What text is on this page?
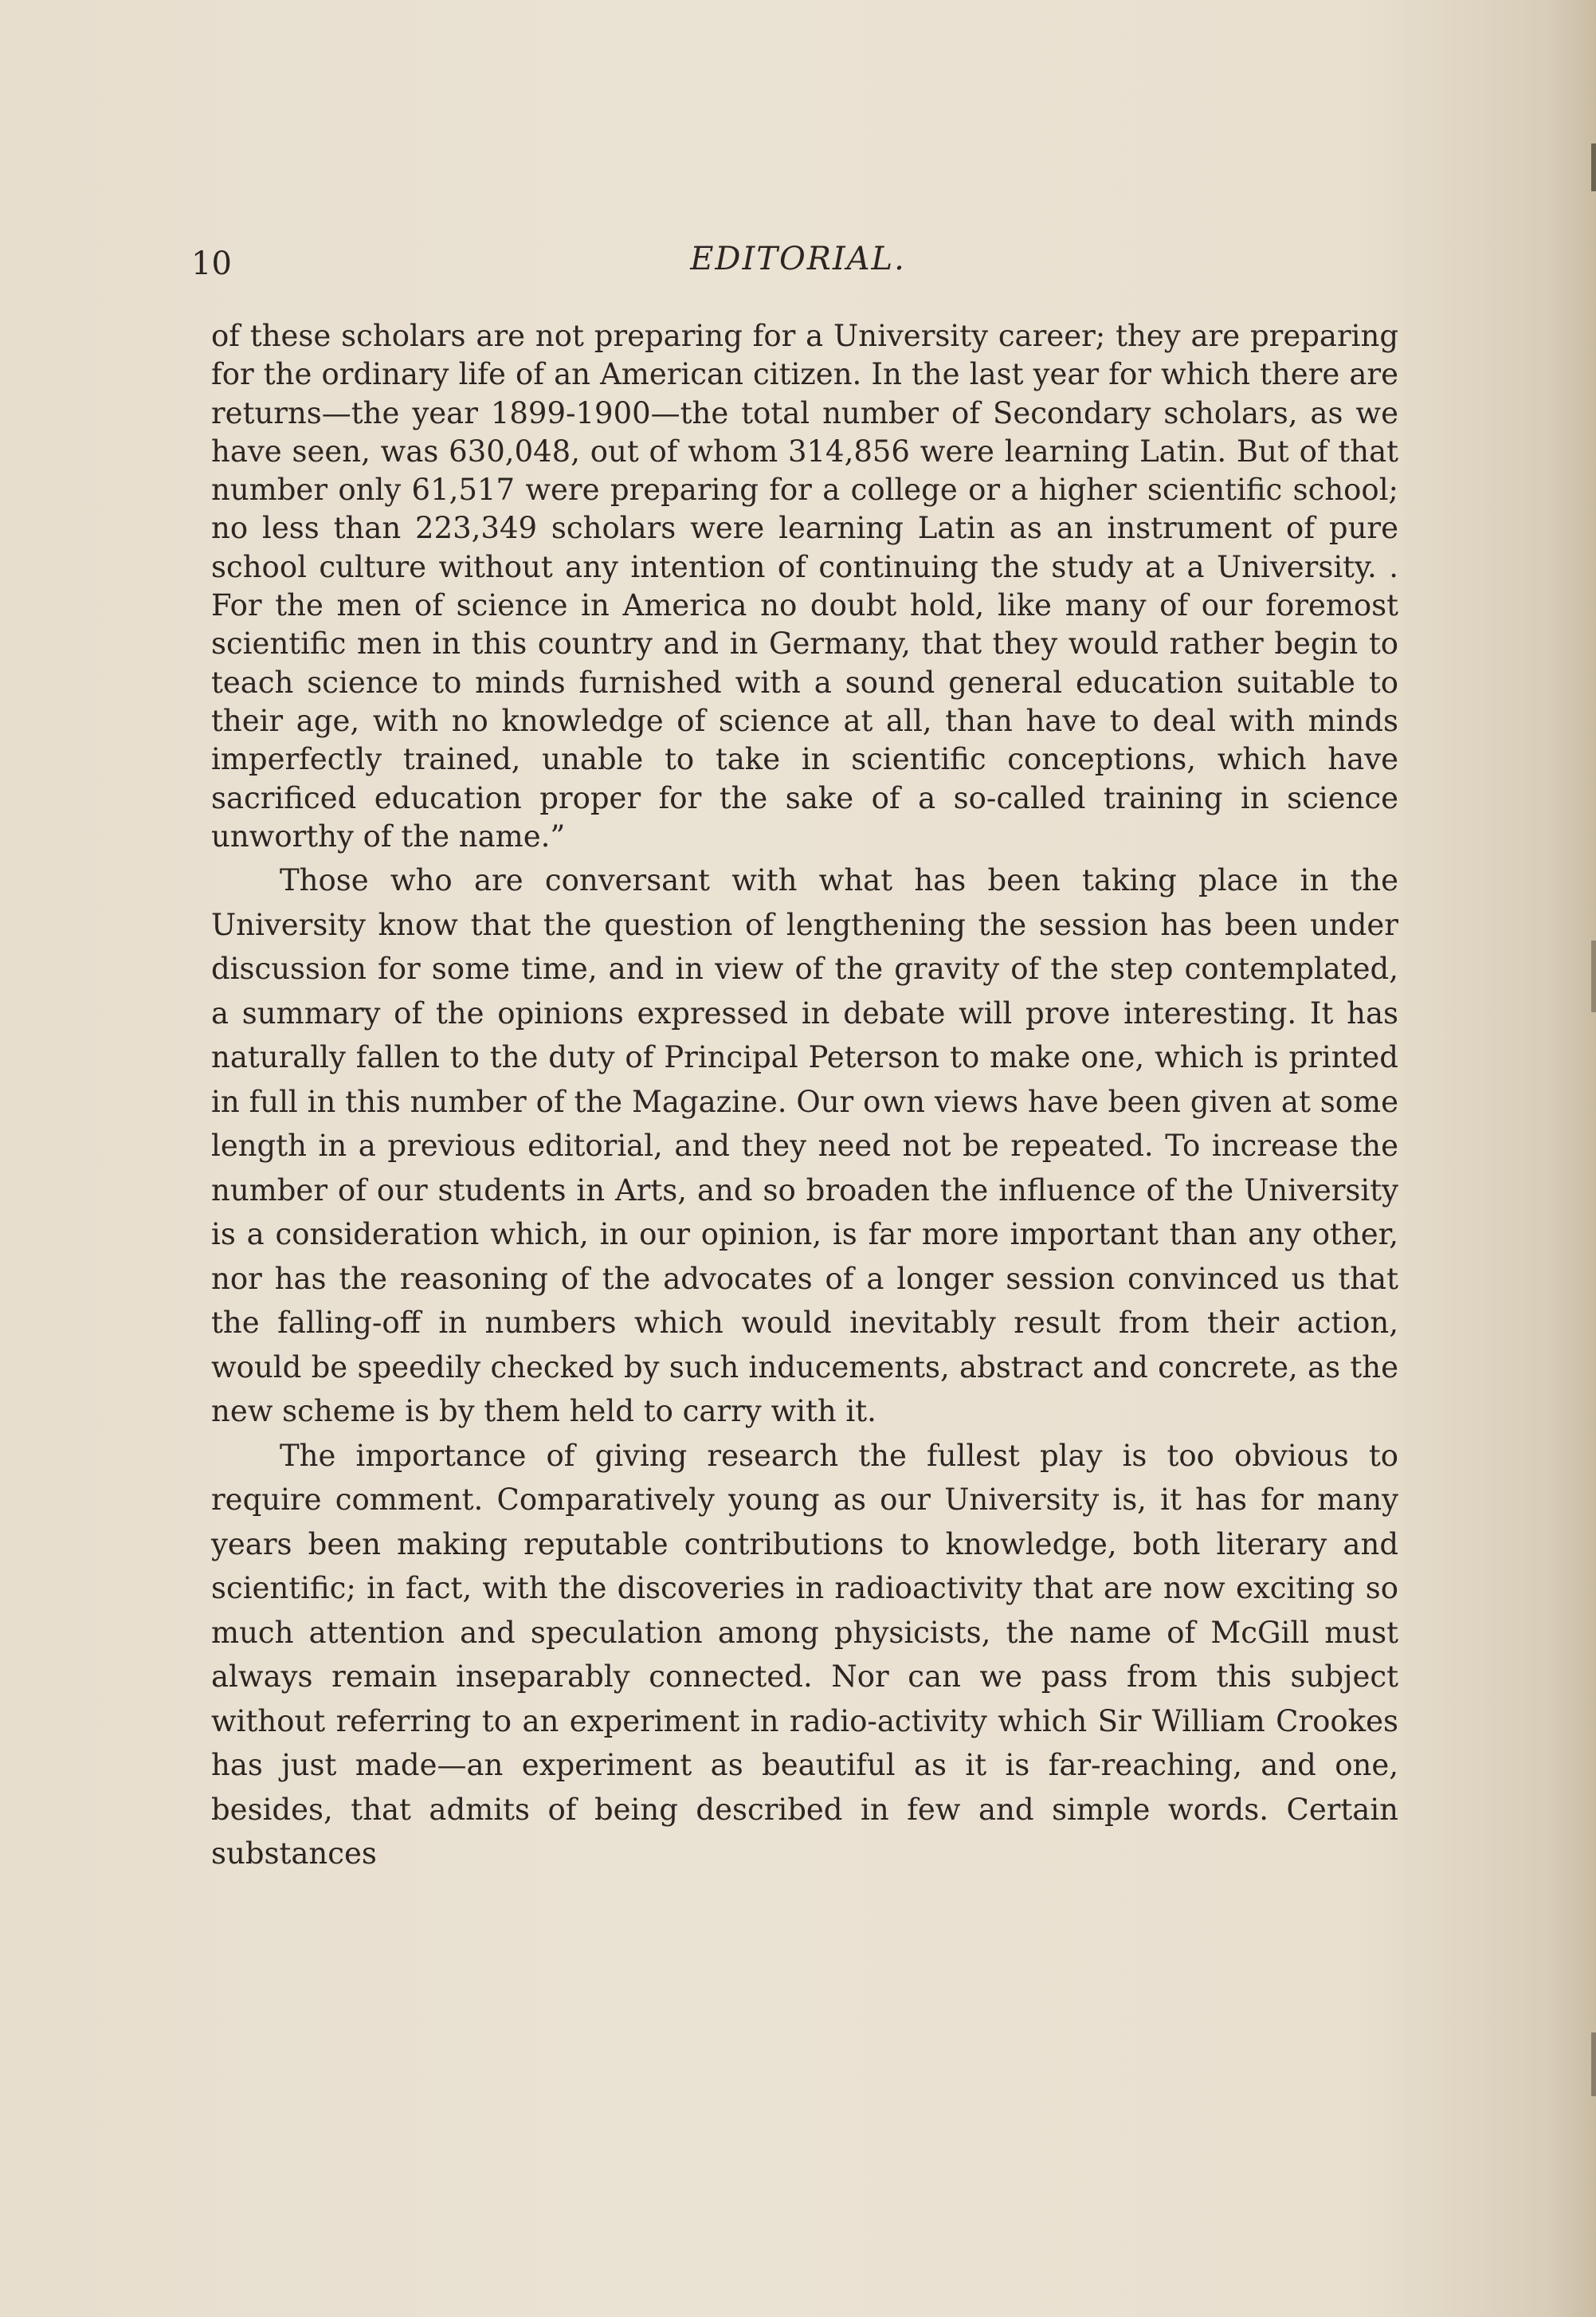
10	EDITORIAL.

of these scholars are not preparing for a University career; they are preparing for the ordinary life of an American citizen. In the last year for which there are returns—the year 1899-1900—the total number of Secondary scholars, as we have seen, was 630,048, out of whom 314,856 were learning Latin. But of that number only 61,517 were preparing for a college or a higher scientific school; no less than 223,349 scholars were learning Latin as an instrument of pure school culture without any intention of continuing the study at a University. . For the men of science in America no doubt hold, like many of our foremost scientific men in this country and in Germany, that they would rather begin to teach science to minds furnished with a sound general education suitable to their age, with no knowledge of science at all, than have to deal with minds imperfectly trained, unable to take in scientific conceptions, which have sacrificed education proper for the sake of a so-called training in science unworthy of the name.”

Those who are conversant with what has been taking place in the University know that the question of lengthening the session has been under discussion for some time, and in view of the gravity of the step contemplated, a summary of the opinions expressed in debate will prove interesting. It has naturally fallen to the duty of Principal Peterson to make one, which is printed in full in this number of the Magazine. Our own views have been given at some length in a previous editorial, and they need not be repeated. To increase the number of our students in Arts, and so broaden the influence of the University is a consideration which, in our opinion, is far more important than any other, nor has the reasoning of the advocates of a longer session convinced us that the falling-off in numbers which would inevitably result from their action, would be speedily checked by such inducements, abstract and concrete, as the new scheme is by them held to carry with it.

The importance of giving research the fullest play is too obvious to require comment. Comparatively young as our University is, it has for many years been making reputable contributions to knowledge, both literary and scientific; in fact, with the discoveries in radioactivity that are now exciting so much attention and speculation among physicists, the name of McGill must always remain inseparably connected. Nor can we pass from this subject without referring to an experiment in radio-activity which Sir William Crookes has just made—an experiment as beautiful as it is far-reaching, and one, besides, that admits of being described in few and simple words. Certain substances
